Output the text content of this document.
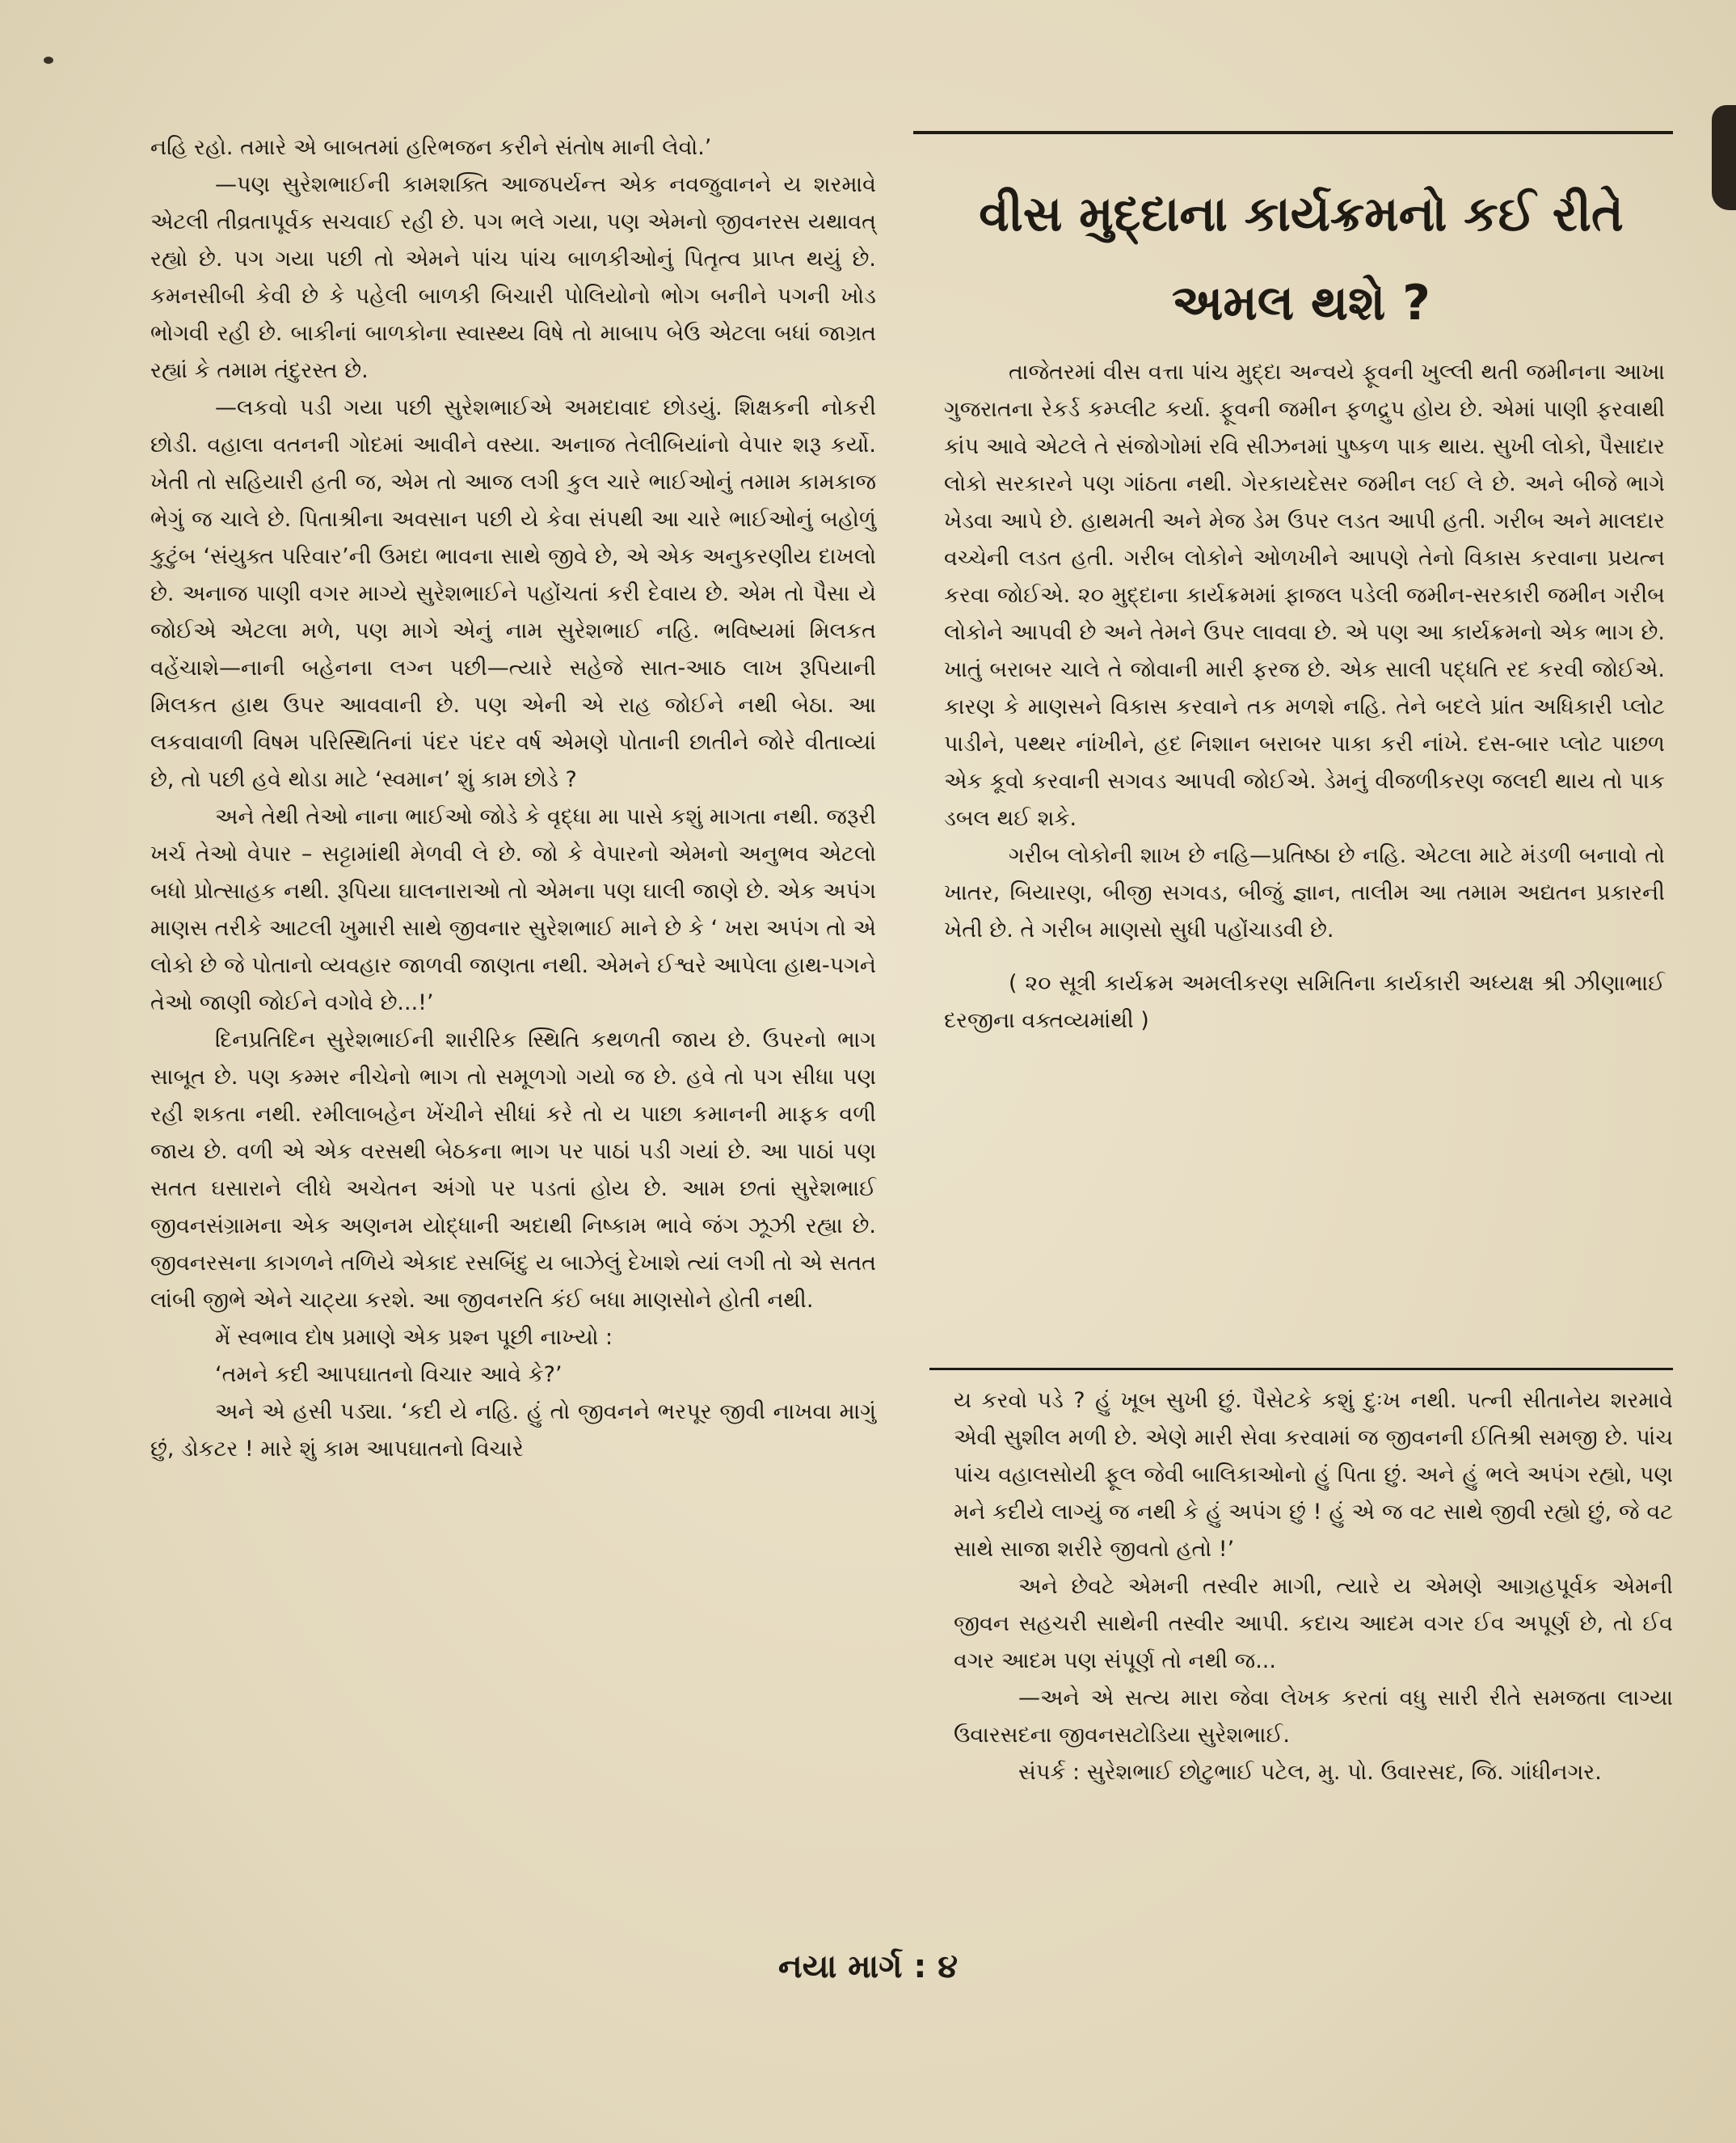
નહિ રહો. તમારે એ બાબતમાં હરિભજન કરીને સંતોષ માની લેવો.’

—પણ સુરેશભાઈની કામશક્તિ આજપર્યન્ત એક નવજુવાનને ય શરમાવે એટલી તીવ્રતાપૂર્વક સચવાઈ રહી છે. પગ ભલે ગયા, પણ એમનો જીવનરસ યથાવત્ રહ્યો છે. પગ ગયા પછી તો એમને પાંચ પાંચ બાળકીઓનું પિતૃત્વ પ્રાપ્ત થયું છે. કમનસીબી કેવી છે કે પહેલી બાળકી બિચારી પોલિયોનો ભોગ બનીને પગની ખોડ ભોગવી રહી છે. બાકીનાં બાળકોના સ્વાસ્થ્ય વિષે તો માબાપ બેઉ એટલા બધાં જાગ્રત રહ્યાં કે તમામ તંદુરસ્ત છે.

—લકવો પડી ગયા પછી સુરેશભાઈએ અમદાવાદ છોડયું. શિક્ષકની નોકરી છોડી. વહાલા વતનની ગોદમાં આવીને વસ્યા. અનાજ તેલીબિયાંનો વેપાર શરૂ કર્યો. ખેતી તો સહિયારી હતી જ, એમ તો આજ લગી કુલ ચારે ભાઈઓનું તમામ કામકાજ ભેગું જ ચાલે છે. પિતાશ્રીના અવસાન પછી યે કેવા સંપથી આ ચારે ભાઈઓનું બહોળું કુટુંબ ‘સંયુક્ત પરિવાર’ની ઉમદા ભાવના સાથે જીવે છે, એ એક અનુકરણીય દાખલો છે. અનાજ પાણી વગર માગ્યે સુરેશભાઈને પહોંચતાં કરી દેવાય છે. એમ તો પૈસા યે જોઈએ એટલા મળે, પણ માગે એનું નામ સુરેશભાઈ નહિ. ભવિષ્યમાં મિલકત વહેંચાશે—નાની બહેનના લગ્ન પછી—ત્યારે સહેજે સાત-આઠ લાખ રૂપિયાની મિલકત હાથ ઉપર આવવાની છે. પણ એની એ રાહ જોઈને નથી બેઠા. આ લકવાવાળી વિષમ પરિસ્થિતિનાં પંદર પંદર વર્ષ એમણે પોતાની છાતીને જોરે વીતાવ્યાં છે, તો પછી હવે થોડા માટે ‘સ્વમાન’ શું કામ છોડે ?

અને તેથી તેઓ નાના ભાઈઓ જોડે કે વૃદ્ધા મા પાસે કશું માગતા નથી. જરૂરી ખર્ચ તેઓ વેપાર – સટ્ટામાંથી મેળવી લે છે. જો કે વેપારનો એમનો અનુભવ એટલો બધો પ્રોત્સાહક નથી. રૂપિયા ઘાલનારાઓ તો એમના પણ ઘાલી જાણે છે. એક અપંગ માણસ તરીકે આટલી ખુમારી સાથે જીવનાર સુરેશભાઈ માને છે કે ‘ ખરા અપંગ તો એ લોકો છે જે પોતાનો વ્યવહાર જાળવી જાણતા નથી. એમને ઈશ્વરે આપેલા હાથ-પગને તેઓ જાણી જોઈને વગોવે છે...!’

દિનપ્રતિદિન સુરેશભાઈની શારીરિક સ્થિતિ કથળતી જાય છે. ઉપરનો ભાગ સાબૂત છે. પણ કમ્મર નીચેનો ભાગ તો સમૂળગો ગયો જ છે. હવે તો પગ સીધા પણ રહી શકતા નથી. રમીલાબહેન ખેંચીને સીધાં કરે તો ય પાછા કમાનની માફક વળી જાય છે. વળી એ એક વરસથી બેઠકના ભાગ પર પાઠાં પડી ગયાં છે. આ પાઠાં પણ સતત ઘસારાને લીધે અચેતન અંગો પર પડતાં હોય છે. આમ છતાં સુરેશભાઈ જીવનસંગ્રામના એક અણનમ યોદ્ધાની અદાથી નિષ્કામ ભાવે જંગ ઝૂઝી રહ્યા છે. જીવનરસના કાગળને તળિયે એકાદ રસબિંદુ ય બાઝેલું દેખાશે ત્યાં લગી તો એ સતત લાંબી જીભે એને ચાટ્યા કરશે. આ જીવનરતિ કંઈ બધા માણસોને હોતી નથી.

મેં સ્વભાવ દોષ પ્રમાણે એક પ્રશ્ન પૂછી નાખ્યો :

‘તમને કદી આપઘાતનો વિચાર આવે કે?’

અને એ હસી પડ્યા. ‘કદી યે નહિ. હું તો જીવનને ભરપૂર જીવી નાખવા માગું છું, ડોકટર ! મારે શું કામ આપઘાતનો વિચારે

વીસ મુદ્દાના કાર્યક્રમનો કઈ રીતે
અમલ થશે ?

તાજેતરમાં વીસ વત્તા પાંચ મુદ્દા અન્વયે ફૂવની ખુલ્લી થતી જમીનના આખા ગુજરાતના રેકર્ડ કમ્પ્લીટ કર્યા. ફૂવની જમીન ફળદ્રુપ હોય છે. એમાં પાણી ફરવાથી કાંપ આવે એટલે તે સંજોગોમાં રવિ સીઝનમાં પુષ્કળ પાક થાય. સુખી લોકો, પૈસાદાર લોકો સરકારને પણ ગાંઠતા નથી. ગેરકાયદેસર જમીન લઈ લે છે. અને બીજે ભાગે ખેડવા આપે છે. હાથમતી અને મેજ ડેમ ઉપર લડત આપી હતી. ગરીબ અને માલદાર વચ્ચેની લડત હતી. ગરીબ લોકોને ઓળખીને આપણે તેનો વિકાસ કરવાના પ્રયત્ન કરવા જોઈએ. ૨૦ મુદ્દાના કાર્યક્રમમાં ફાજલ પડેલી જમીન-સરકારી જમીન ગરીબ લોકોને આપવી છે અને તેમને ઉપર લાવવા છે. એ પણ આ કાર્યક્રમનો એક ભાગ છે. ખાતું બરાબર ચાલે તે જોવાની મારી ફરજ છે. એક સાલી પદ્ધતિ રદ કરવી જોઈએ. કારણ કે માણસને વિકાસ કરવાને તક મળશે નહિ. તેને બદલે પ્રાંત અધિકારી પ્લોટ પાડીને, પથ્થર નાંખીને, હદ નિશાન બરાબર પાકા કરી નાંખે. દસ-બાર પ્લોટ પાછળ એક કૂવો કરવાની સગવડ આપવી જોઈએ. ડેમનું વીજળીકરણ જલદી થાય તો પાક ડબલ થઈ શકે.

ગરીબ લોકોની શાખ છે નહિ—પ્રતિષ્ઠા છે નહિ. એટલા માટે મંડળી બનાવો તો ખાતર, બિયારણ, બીજી સગવડ, બીજું જ્ઞાન, તાલીમ આ તમામ અદ્યતન પ્રકારની ખેતી છે. તે ગરીબ માણસો સુધી પહોંચાડવી છે.

( ૨૦ સૂત્રી કાર્યક્રમ અમલીકરણ સમિતિના કાર્યકારી અધ્યક્ષ શ્રી ઝીણાભાઈ દરજીના વક્તવ્યમાંથી )

ય કરવો પડે ? હું ખૂબ સુખી છું. પૈસેટકે કશું દુઃખ નથી. પત્ની સીતાનેય શરમાવે એવી સુશીલ મળી છે. એણે મારી સેવા કરવામાં જ જીવનની ઈતિશ્રી સમજી છે. પાંચ પાંચ વહાલસોયી ફૂલ જેવી બાલિકાઓનો હું પિતા છું. અને હું ભલે અપંગ રહ્યો, પણ મને કદીયે લાગ્યું જ નથી કે હું અપંગ છું ! હું એ જ વટ સાથે જીવી રહ્યો છું, જે વટ સાથે સાજા શરીરે જીવતો હતો !’

અને છેવટે એમની તસ્વીર માગી, ત્યારે ય એમણે આગ્રહપૂર્વક એમની જીવન સહચરી સાથેની તસ્વીર આપી. કદાચ આદમ વગર ઈવ અપૂર્ણ છે, તો ઈવ વગર આદમ પણ સંપૂર્ણ તો નથી જ...

—અને એ સત્ય મારા જેવા લેખક કરતાં વધુ સારી રીતે સમજતા લાગ્યા ઉવારસદના જીવનસટોડિયા સુરેશભાઈ.

સંપર્ક : સુરેશભાઈ છોટુભાઈ પટેલ, મુ. પો. ઉવારસદ, જિ. ગાંધીનગર.

નયા માર્ગ : ૪
